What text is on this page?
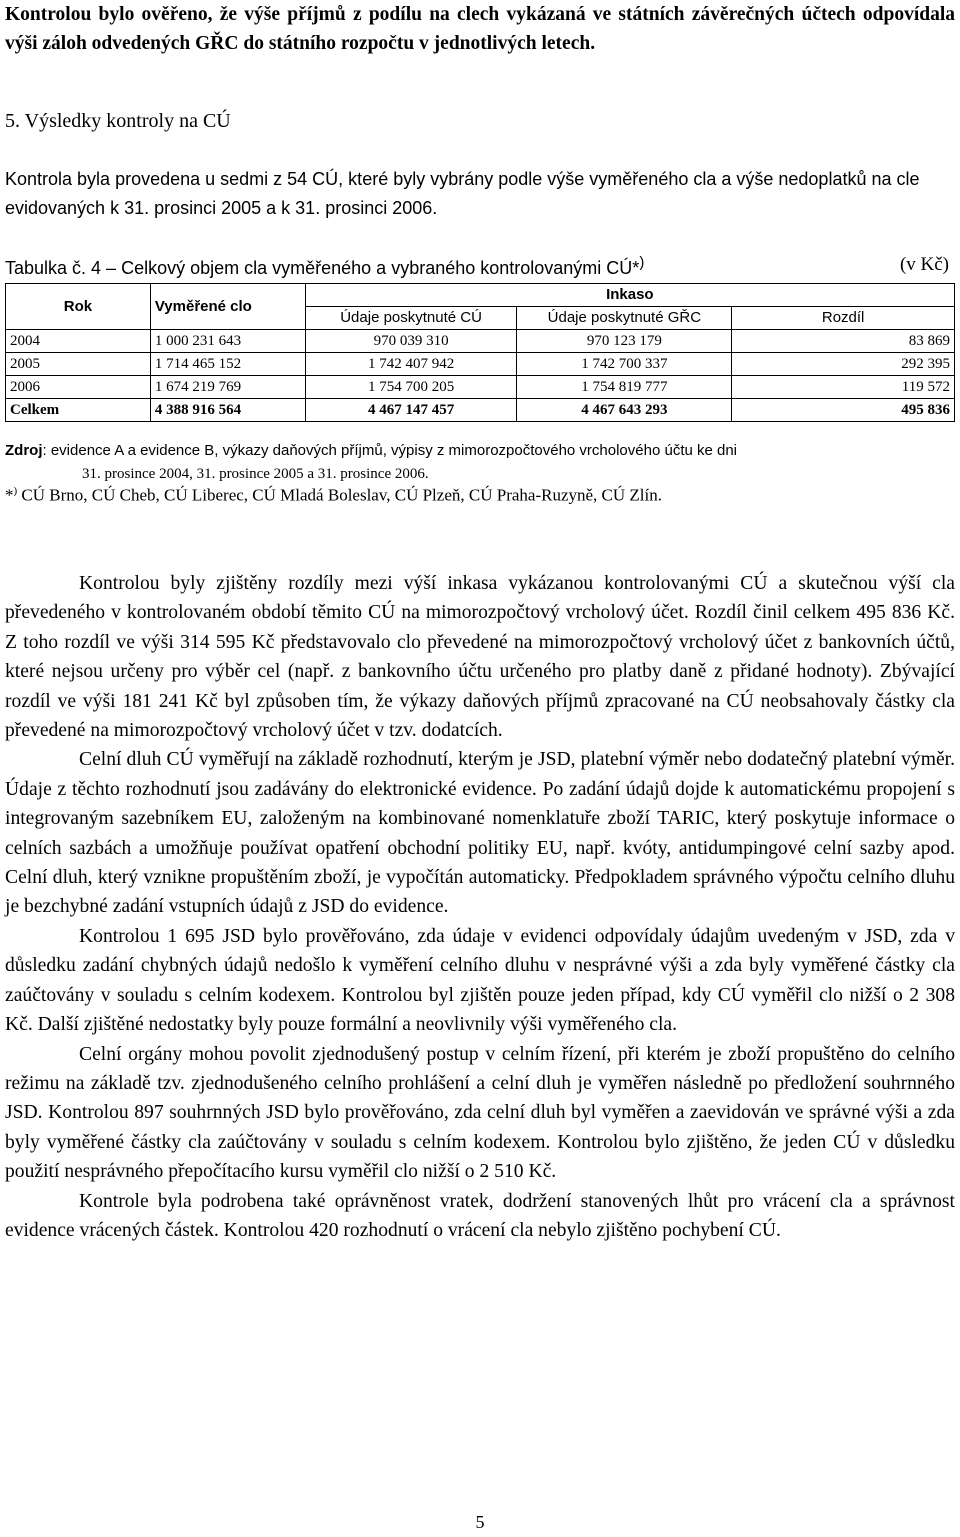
Kontrolou bylo ověřeno, že výše příjmů z podílu na clech vykázaná ve státních závěrečných účtech odpovídala výši záloh odvedených GŘC do státního rozpočtu v jednotlivých letech.
5. Výsledky kontroly na CÚ
Kontrola byla provedena u sedmi z 54 CÚ, které byly vybrány podle výše vyměřeného cla a výše nedoplatků na cle evidovaných k 31. prosinci 2005 a k 31. prosinci 2006.
Tabulka č. 4 – Celkový objem cla vyměřeného a vybraného kontrolovanými CÚ*)	(v Kč)
Rok	Vyměřené clo	Inkaso		
		Údaje poskytnuté CÚ	Údaje poskytnuté GŘC	Rozdíl
2004	1 000 231 643	970 039 310	970 123 179	83 869
2005	1 714 465 152	1 742 407 942	1 742 700 337	292 395
2006	1 674 219 769	1 754 700 205	1 754 819 777	119 572
Celkem	4 388 916 564	4 467 147 457	4 467 643 293	495 836
Zdroj: evidence A a evidence B, výkazy daňových příjmů, výpisy z mimorozpočtového vrcholového účtu ke dni
31. prosince 2004, 31. prosince 2005 a 31. prosince 2006.
*) CÚ Brno, CÚ Cheb, CÚ Liberec, CÚ Mladá Boleslav, CÚ Plzeň, CÚ Praha-Ruzyně, CÚ Zlín.

Kontrolou byly zjištěny rozdíly mezi výší inkasa vykázanou kontrolovanými CÚ a skutečnou výší cla převedeného v kontrolovaném období těmito CÚ na mimorozpočtový vrcholový účet. Rozdíl činil celkem 495 836 Kč. Z toho rozdíl ve výši 314 595 Kč představovalo clo převedené na mimorozpočtový vrcholový účet z bankovních účtů, které nejsou určeny pro výběr cel (např. z bankovního účtu určeného pro platby daně z přidané hodnoty). Zbývající rozdíl ve výši 181 241 Kč byl způsoben tím, že výkazy daňových příjmů zpracované na CÚ neobsahovaly částky cla převedené na mimorozpočtový vrcholový účet v tzv. dodatcích.

Celní dluh CÚ vyměřují na základě rozhodnutí, kterým je JSD, platební výměr nebo dodatečný platební výměr. Údaje z těchto rozhodnutí jsou zadávány do elektronické evidence. Po zadání údajů dojde k automatickému propojení s integrovaným sazebníkem EU, založeným na kombinované nomenklatuře zboží TARIC, který poskytuje informace o celních sazbách a umožňuje používat opatření obchodní politiky EU, např. kvóty, antidumpingové celní sazby apod. Celní dluh, který vznikne propuštěním zboží, je vypočítán automaticky. Předpokladem správného výpočtu celního dluhu je bezchybné zadání vstupních údajů z JSD do evidence.

Kontrolou 1 695 JSD bylo prověřováno, zda údaje v evidenci odpovídaly údajům uvedeným v JSD, zda v důsledku zadání chybných údajů nedošlo k vyměření celního dluhu v nesprávné výši a zda byly vyměřené částky cla zaúčtovány v souladu s celním kodexem. Kontrolou byl zjištěn pouze jeden případ, kdy CÚ vyměřil clo nižší o 2 308 Kč. Další zjištěné nedostatky byly pouze formální a neovlivnily výši vyměřeného cla.

Celní orgány mohou povolit zjednodušený postup v celním řízení, při kterém je zboží propuštěno do celního režimu na základě tzv. zjednodušeného celního prohlášení a celní dluh je vyměřen následně po předložení souhrnného JSD. Kontrolou 897 souhrnných JSD bylo prověřováno, zda celní dluh byl vyměřen a zaevidován ve správné výši a zda byly vyměřené částky cla zaúčtovány v souladu s celním kodexem. Kontrolou bylo zjištěno, že jeden CÚ v důsledku použití nesprávného přepočítacího kursu vyměřil clo nižší o 2 510 Kč.

Kontrole byla podrobena také oprávněnost vratek, dodržení stanovených lhůt pro vrácení cla a správnost evidence vrácených částek. Kontrolou 420 rozhodnutí o vrácení cla nebylo zjištěno pochybení CÚ.

5
